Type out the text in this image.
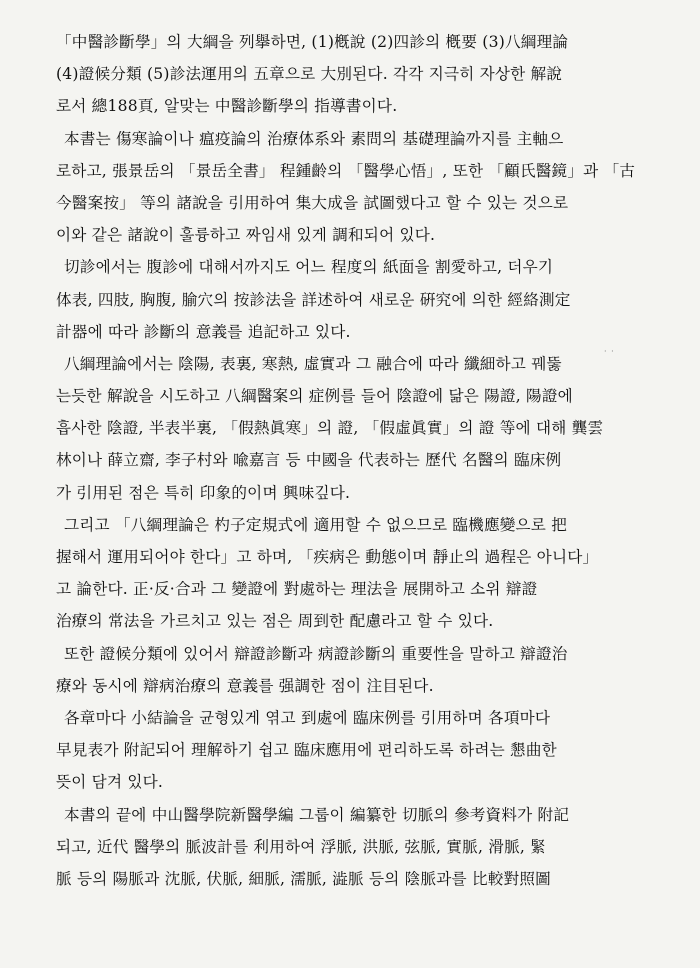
「中醫診斷學」의 大綱을 列擧하면, (1)槪說 (2)四診의 槪要 (3)八綱理論
(4)證候分類 (5)診法運用의 五章으로 大別된다. 각각 지극히 자상한 解說
로서 總188頁, 알맞는 中醫診斷學의 指導書이다.
本書는 傷寒論이나 瘟疫論의 治療体系와 素問의 基礎理論까지를 主軸으
로하고, 張景岳의 「景岳全書」 程鍾齡의 「醫學心悟」, 또한 「顧氏醫鏡」과 「古
今醫案按」 等의 諸說을 引用하여 集大成을 試圖했다고 할 수 있는 것으로
이와 같은 諸說이 훌륭하고 짜임새 있게 調和되어 있다.
切診에서는 腹診에 대해서까지도 어느 程度의 紙面을 割愛하고, 더우기
体表, 四肢, 胸腹, 腧穴의 按診法을 詳述하여 새로운 硏究에 의한 經絡測定
計器에 따라 診斷의 意義를 追記하고 있다.
八綱理論에서는 陰陽, 表裏, 寒熱, 虛實과 그 融合에 따라 纖細하고 꿰뚫
는듯한 解說을 시도하고 八綱醫案의 症例를 들어 陰證에 닮은 陽證, 陽證에
흡사한 陰證, 半表半裏, 「假熱眞寒」의 證, 「假虛眞實」의 證 等에 대해 龔雲
林이나 薛立齋, 李子村와 喩嘉言 등 中國을 代表하는 歷代 名醫의 臨床例
가 引用된 점은 특히 印象的이며 興味깊다.
그리고 「八綱理論은 杓子定規式에 適用할 수 없으므로 臨機應變으로 把
握해서 運用되어야 한다」고 하며, 「疾病은 動態이며 靜止의 過程은 아니다」
고 論한다. 正·反·合과 그 變證에 對處하는 理法을 展開하고 소위 辯證
治療의 常法을 가르치고 있는 점은 周到한 配慮라고 할 수 있다.
또한 證候分類에 있어서 辯證診斷과 病證診斷의 重要性을 말하고 辯證治
療와 동시에 辯病治療의 意義를 强調한 점이 注目된다.
各章마다 小結論을 균형있게 엮고 到處에 臨床例를 引用하며 各項마다
早見表가 附記되어 理解하기 쉽고 臨床應用에 편리하도록 하려는 懇曲한
뜻이 담겨 있다.
本書의 끝에 中山醫學院新醫學編 그룹이 編纂한 切脈의 參考資料가 附記
되고, 近代 醫學의 脈波計를 利用하여 浮脈, 洪脈, 弦脈, 實脈, 滑脈, 緊
脈 등의 陽脈과 沈脈, 伏脈, 細脈, 濡脈, 澁脈 등의 陰脈과를 比較對照圖
· ·
